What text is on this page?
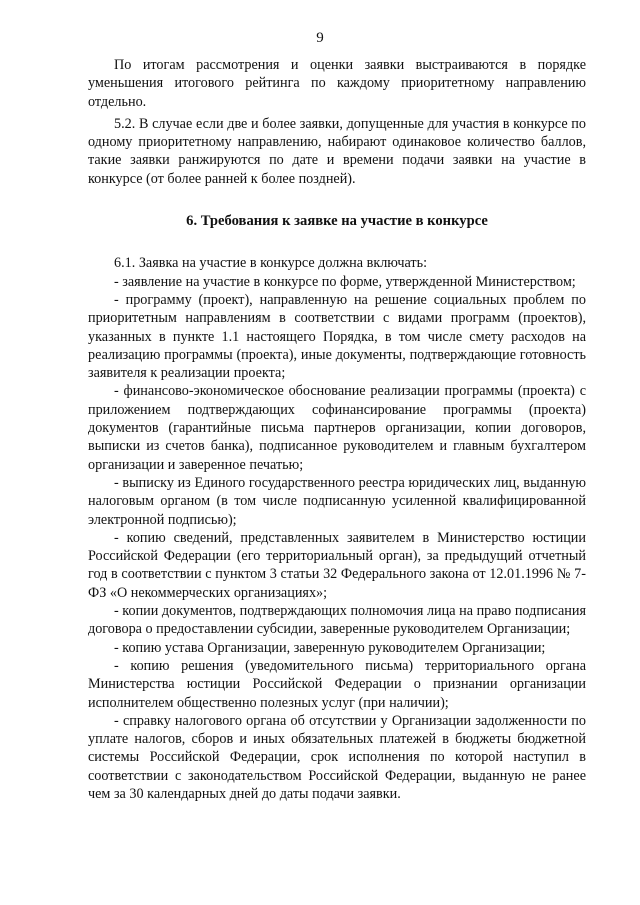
9

По итогам рассмотрения и оценки заявки выстраиваются в порядке уменьшения итогового рейтинга по каждому приоритетному направлению отдельно.

5.2. В случае если две и более заявки, допущенные для участия в конкурсе по одному приоритетному направлению, набирают одинаковое количество баллов, такие заявки ранжируются по дате и времени подачи заявки на участие в конкурсе (от более ранней к более поздней).

6. Требования к заявке на участие в конкурсе

6.1. Заявка на участие в конкурсе должна включать:

- заявление на участие в конкурсе по форме, утвержденной Министерством;

- программу (проект), направленную на решение социальных проблем по приоритетным направлениям в соответствии с видами программ (проектов), указанных в пункте 1.1 настоящего Порядка, в том числе смету расходов на реализацию программы (проекта), иные документы, подтверждающие готовность заявителя к реализации проекта;

- финансово-экономическое обоснование реализации программы (проекта) с приложением подтверждающих софинансирование программы (проекта) документов (гарантийные письма партнеров организации, копии договоров, выписки из счетов банка), подписанное руководителем и главным бухгалтером организации и заверенное печатью;

- выписку из Единого государственного реестра юридических лиц, выданную налоговым органом (в том числе подписанную усиленной квалифицированной электронной подписью);

- копию сведений, представленных заявителем в Министерство юстиции Российской Федерации (его территориальный орган), за предыдущий отчетный год в соответствии с пунктом 3 статьи 32 Федерального закона от 12.01.1996 № 7-ФЗ «О некоммерческих организациях»;

- копии документов, подтверждающих полномочия лица на право подписания договора о предоставлении субсидии, заверенные руководителем Организации;

- копию устава Организации, заверенную руководителем Организации;

- копию решения (уведомительного письма) территориального органа Министерства юстиции Российской Федерации о признании организации исполнителем общественно полезных услуг (при наличии);

- справку налогового органа об отсутствии у Организации задолженности по уплате налогов, сборов и иных обязательных платежей в бюджеты бюджетной системы Российской Федерации, срок исполнения по которой наступил в соответствии с законодательством Российской Федерации, выданную не ранее чем за 30 календарных дней до даты подачи заявки.
